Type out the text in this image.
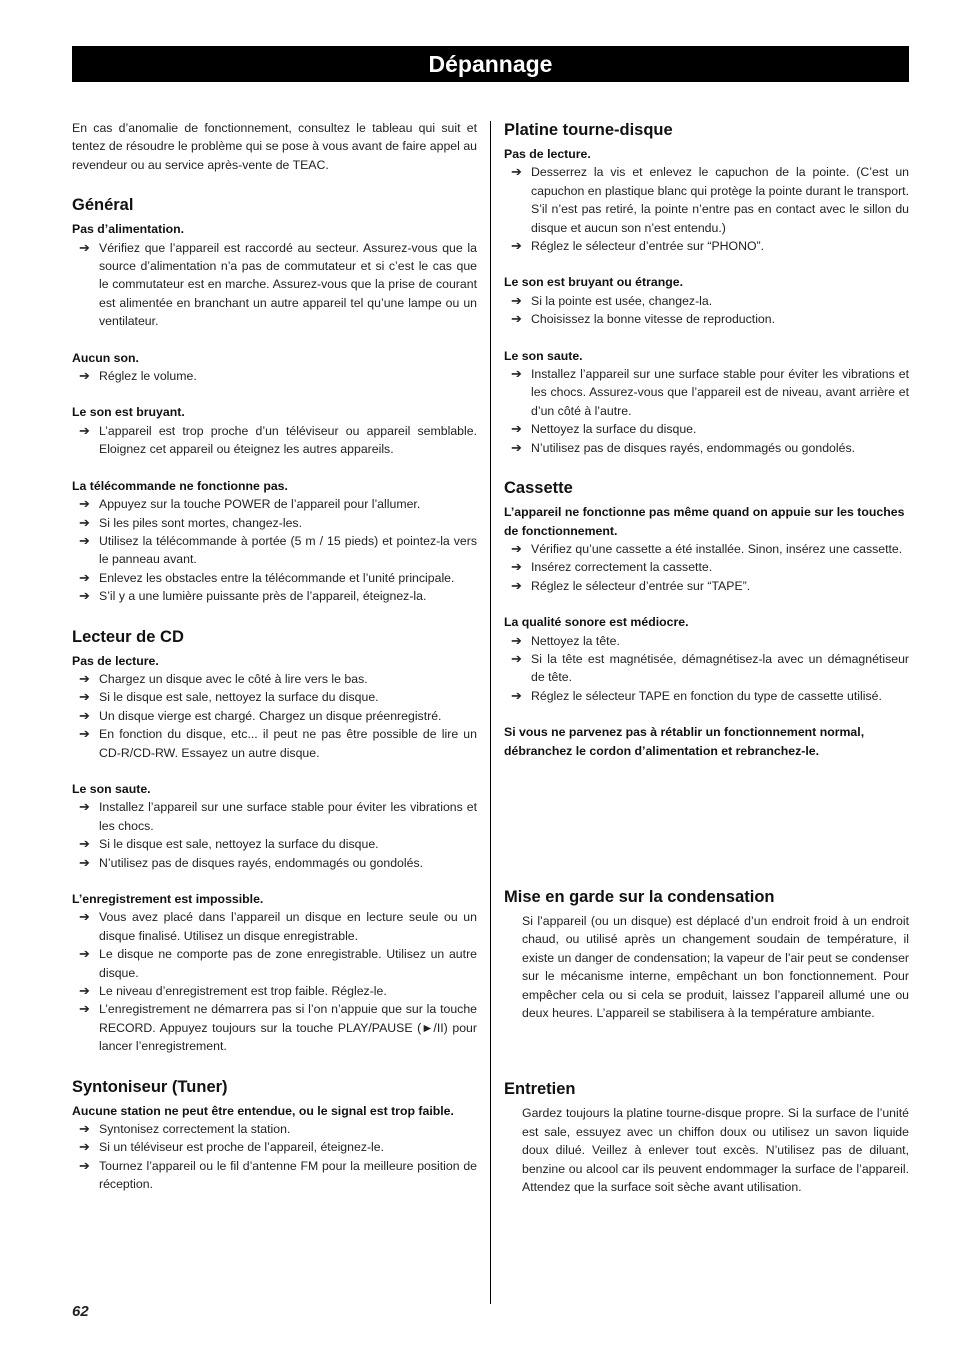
Dépannage

En cas d’anomalie de fonctionnement, consultez le tableau qui suit et tentez de résoudre le problème qui se pose à vous avant de faire appel au revendeur ou au service après-vente de TEAC.

Général

Pas d’alimentation.

➔ Vérifiez que l’appareil est raccordé au secteur. Assurez-vous que la source d’alimentation n’a pas de commutateur et si c’est le cas que le commutateur est en marche. Assurez-vous que la prise de courant est alimentée en branchant un autre appareil tel qu’une lampe ou un ventilateur.

Aucun son.

➔ Réglez le volume.

Le son est bruyant.

➔ L’appareil est trop proche d’un téléviseur ou appareil semblable. Eloignez cet appareil ou éteignez les autres appareils.

La télécommande ne fonctionne pas.

➔ Appuyez sur la touche POWER de l’appareil pour l’allumer.
➔ Si les piles sont mortes, changez-les.
➔ Utilisez la télécommande à portée (5 m / 15 pieds) et pointez-la vers le panneau avant.
➔ Enlevez les obstacles entre la télécommande et l’unité principale.
➔ S’il y a une lumière puissante près de l’appareil, éteignez-la.
Lecteur de CD

Pas de lecture.

➔ Chargez un disque avec le côté à lire vers le bas.
➔ Si le disque est sale, nettoyez la surface du disque.
➔ Un disque vierge est chargé. Chargez un disque préenregistré.
➔ En fonction du disque, etc... il peut ne pas être possible de lire un CD-R/CD-RW. Essayez un autre disque.

Le son saute.

➔ Installez l’appareil sur une surface stable pour éviter les vibrations et les chocs.
➔ Si le disque est sale, nettoyez la surface du disque.
➔ N’utilisez pas de disques rayés, endommagés ou gondolés.

L’enregistrement est impossible.

➔ Vous avez placé dans l’appareil un disque en lecture seule ou un disque finalisé. Utilisez un disque enregistrable.
➔ Le disque ne comporte pas de zone enregistrable. Utilisez un autre disque.
➔ Le niveau d’enregistrement est trop faible. Réglez-le.
➔ L’enregistrement ne démarrera pas si l’on n’appuie que sur la touche RECORD. Appuyez toujours sur la touche PLAY/PAUSE (►/II) pour lancer l’enregistrement.
Syntoniseur (Tuner)

Aucune station ne peut être entendue, ou le signal est trop faible.

➔ Syntonisez correctement la station.
➔ Si un téléviseur est proche de l’appareil, éteignez-le.
➔ Tournez l’appareil ou le fil d’antenne FM pour la meilleure position de réception.
Platine tourne-disque

Pas de lecture.

➔ Desserrez la vis et enlevez le capuchon de la pointe. (C’est un capuchon en plastique blanc qui protège la pointe durant le transport. S’il n’est pas retiré, la pointe n’entre pas en contact avec le sillon du disque et aucun son n’est entendu.)
➔ Réglez le sélecteur d’entrée sur “PHONO”.

Le son est bruyant ou étrange.

➔ Si la pointe est usée, changez-la.
➔ Choisissez la bonne vitesse de reproduction.

Le son saute.

➔ Installez l’appareil sur une surface stable pour éviter les vibrations et les chocs. Assurez-vous que l’appareil est de niveau, avant arrière et d’un côté à l’autre.
➔ Nettoyez la surface du disque.
➔ N’utilisez pas de disques rayés, endommagés ou gondolés.
Cassette

L’appareil ne fonctionne pas même quand on appuie sur les touches de fonctionnement.

➔ Vérifiez qu’une cassette a été installée. Sinon, insérez une cassette.
➔ Insérez correctement la cassette.
➔ Réglez le sélecteur d’entrée sur “TAPE”.

La qualité sonore est médiocre.

➔ Nettoyez la tête.
➔ Si la tête est magnétisée, démagnétisez-la avec un démagnétiseur de tête.
➔ Réglez le sélecteur TAPE en fonction du type de cassette utilisé.

Si vous ne parvenez pas à rétablir un fonctionnement normal, débranchez le cordon d’alimentation et rebranchez-le.

Mise en garde sur la condensation

Si l’appareil (ou un disque) est déplacé d’un endroit froid à un endroit chaud, ou utilisé après un changement soudain de température, il existe un danger de condensation; la vapeur de l’air peut se condenser sur le mécanisme interne, empêchant un bon fonctionnement. Pour empêcher cela ou si cela se produit, laissez l’appareil allumé une ou deux heures. L’appareil se stabilisera à la température ambiante.

Entretien

Gardez toujours la platine tourne-disque propre. Si la surface de l’unité est sale, essuyez avec un chiffon doux ou utilisez un savon liquide doux dilué. Veillez à enlever tout excès. N’utilisez pas de diluant, benzine ou alcool car ils peuvent endommager la surface de l’appareil. Attendez que la surface soit sèche avant utilisation.

62
